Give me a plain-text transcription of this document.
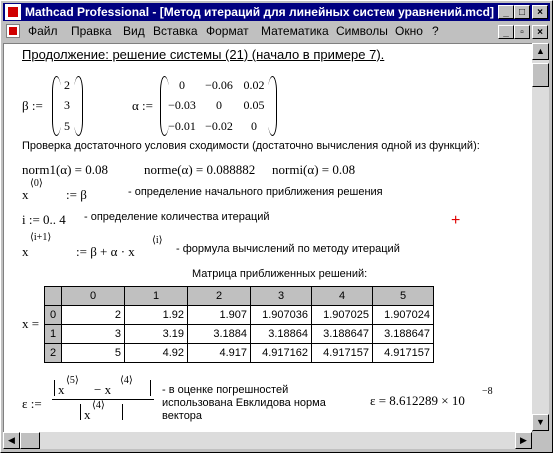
Mathcad Professional - [Метод итераций для линейных систем уравнений.mcd] _	□	×
Файл Правка Вид Вставка Формат Математика Символы Окно ?	_	▫	×
Продолжение: решение системы (21) (начало в примере 7).
β :=
2
3
5
α :=
0	−0.06 0.02
−0.03	0	0.05
−0.01 −0.02	0
Проверка достаточного условия сходимости (достаточно вычисления одной из функций):
norm1(α) = 0.08	norme(α) = 0.088882 normi(α) = 0.08
x
⟨0⟩
:= β	- определение начального приближения решения
i := 0.. 4 - определение количества итераций	+
x
⟨i+1⟩
:= β + α · x
⟨i⟩
- формула вычислений по методу итераций
Матрица приближенных решений:
x =
	0	1	2	3	4	5
0	2	1.92	1.907	1.907036	1.907025	1.907024
1	3	3.19	3.1884	3.18864	3.188647	3.188647
2	5	4.92	4.917	4.917162	4.917157	4.917157
ε :=
‖ x
⟨5⟩
− x
⟨4⟩
‖ x
⟨4⟩
- в оценке погрешностей
использована Евклидова норма
вектора
ε = 8.612289 × 10
−8
▲
▼
◀	▶
